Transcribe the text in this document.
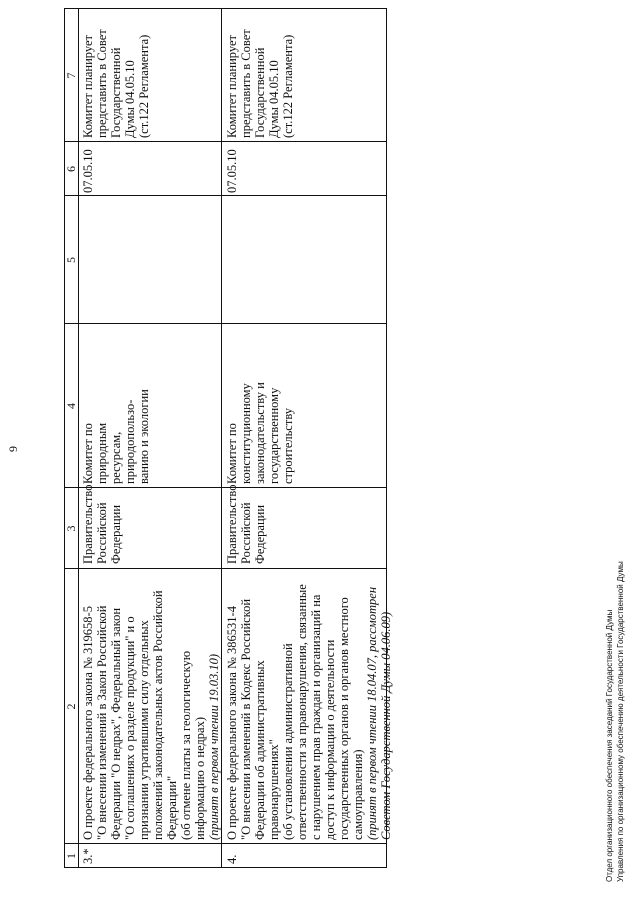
9
1
2
3
4
5
6
7
3.*
О проекте федерального закона № 319658-5 "О внесении изменений в Закон Российской Федерации "О недрах", Федеральный закон "О соглашениях о разделе продукции" и о признании утратившими силу отдельных положений законодательных актов Российской Федерации" (об отмене платы за геологическую информацию о недрах) (принят в первом чтении 19.03.10)
Правительство Российской Федерации
Комитет по природным ресурсам, природопользо- ванию и экологии
07.05.10
Комитет планирует представить в Совет Государственной Думы 04.05.10 (ст.122 Регламента)
4.
О проекте федерального закона № 386531-4 "О внесении изменений в Кодекс Российской Федерации об административных правонарушениях" (об установлении административной ответственности за правонарушения, связанные с нарушением прав граждан и организаций на доступ к информации о деятельности государственных органов и органов местного самоуправления) (принят в первом чтении 18.04.07, рассмотрен Советом Государственной Думы 04.06.09)
Правительство Российской Федерации
Комитет по конституционному законодательству и государственному строительству
07.05.10
Комитет планирует представить в Совет Государственной Думы 04.05.10 (ст.122 Регламента)
Отдел организационного обеспечения заседаний Государственной Думы Управления по организационному обеспечению деятельности Государственной Думы
